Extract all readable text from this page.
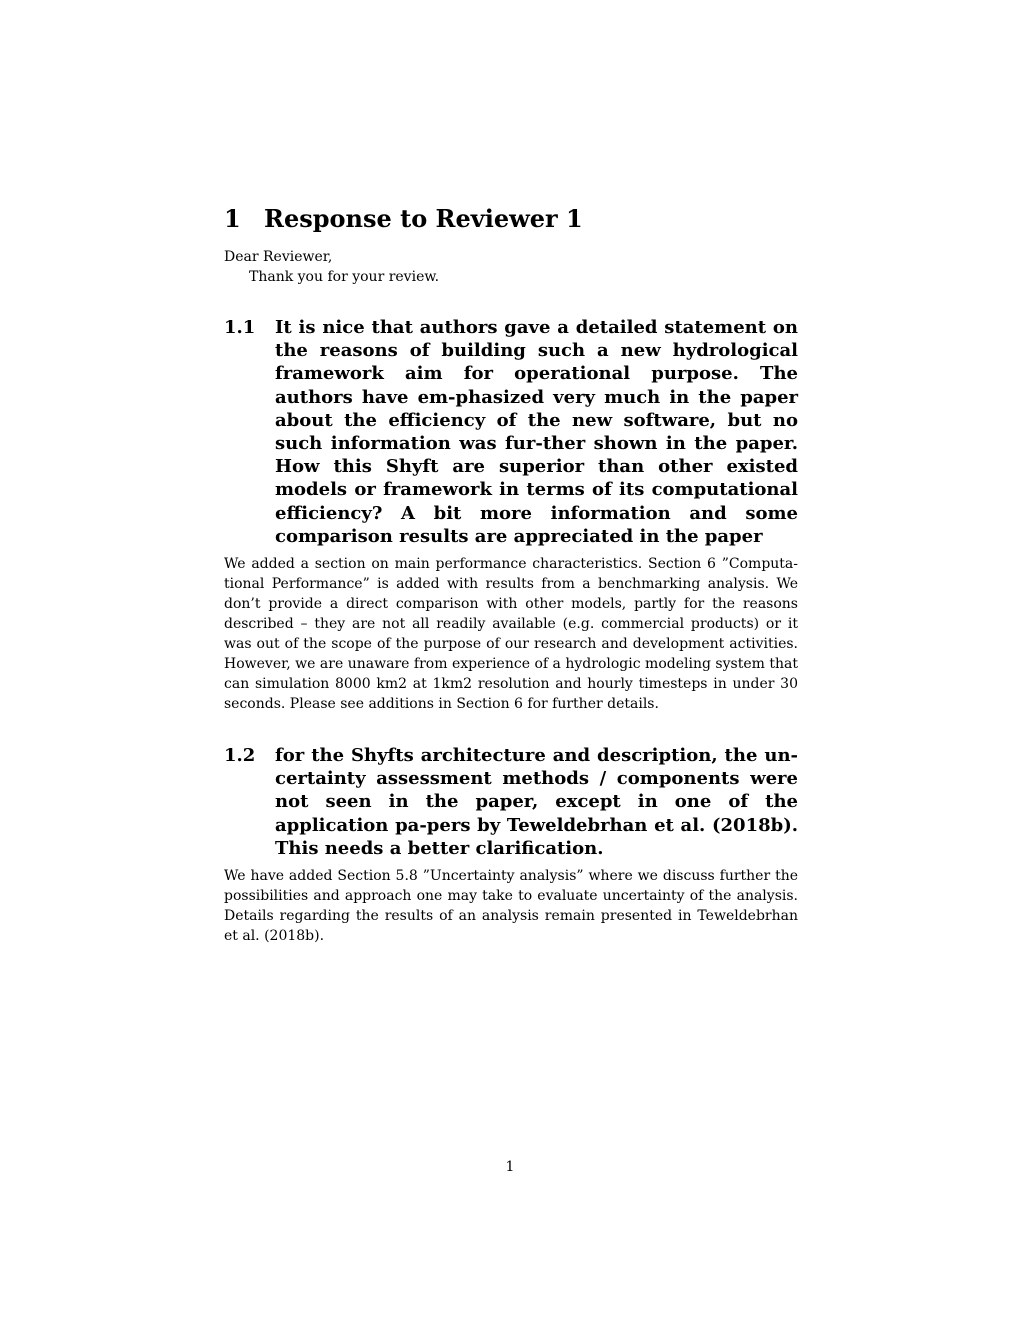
1 Response to Reviewer 1

Dear Reviewer,

Thank you for your review.

1.1	It is nice that authors gave a detailed statement on the reasons of building such a new hydrological framework aim for operational purpose. The authors have em-phasized very much in the paper about the efficiency of the new software, but no such information was fur-ther shown in the paper. How this Shyft are superior than other existed models or framework in terms of its computational efficiency? A bit more information and some comparison results are appreciated in the paper

We added a section on main performance characteristics. Section 6 ”Computa-tional Performance” is added with results from a benchmarking analysis. We don’t provide a direct comparison with other models, partly for the reasons described – they are not all readily available (e.g. commercial products) or it was out of the scope of the purpose of our research and development activities. However, we are unaware from experience of a hydrologic modeling system that can simulation 8000 km2 at 1km2 resolution and hourly timesteps in under 30 seconds. Please see additions in Section 6 for further details.

1.2	for the Shyfts architecture and description, the un-certainty assessment methods / components were not seen in the paper, except in one of the application pa-pers by Teweldebrhan et al. (2018b). This needs a better clarification.

We have added Section 5.8 ”Uncertainty analysis” where we discuss further the possibilities and approach one may take to evaluate uncertainty of the analysis. Details regarding the results of an analysis remain presented in Teweldebrhan et al. (2018b).

1
